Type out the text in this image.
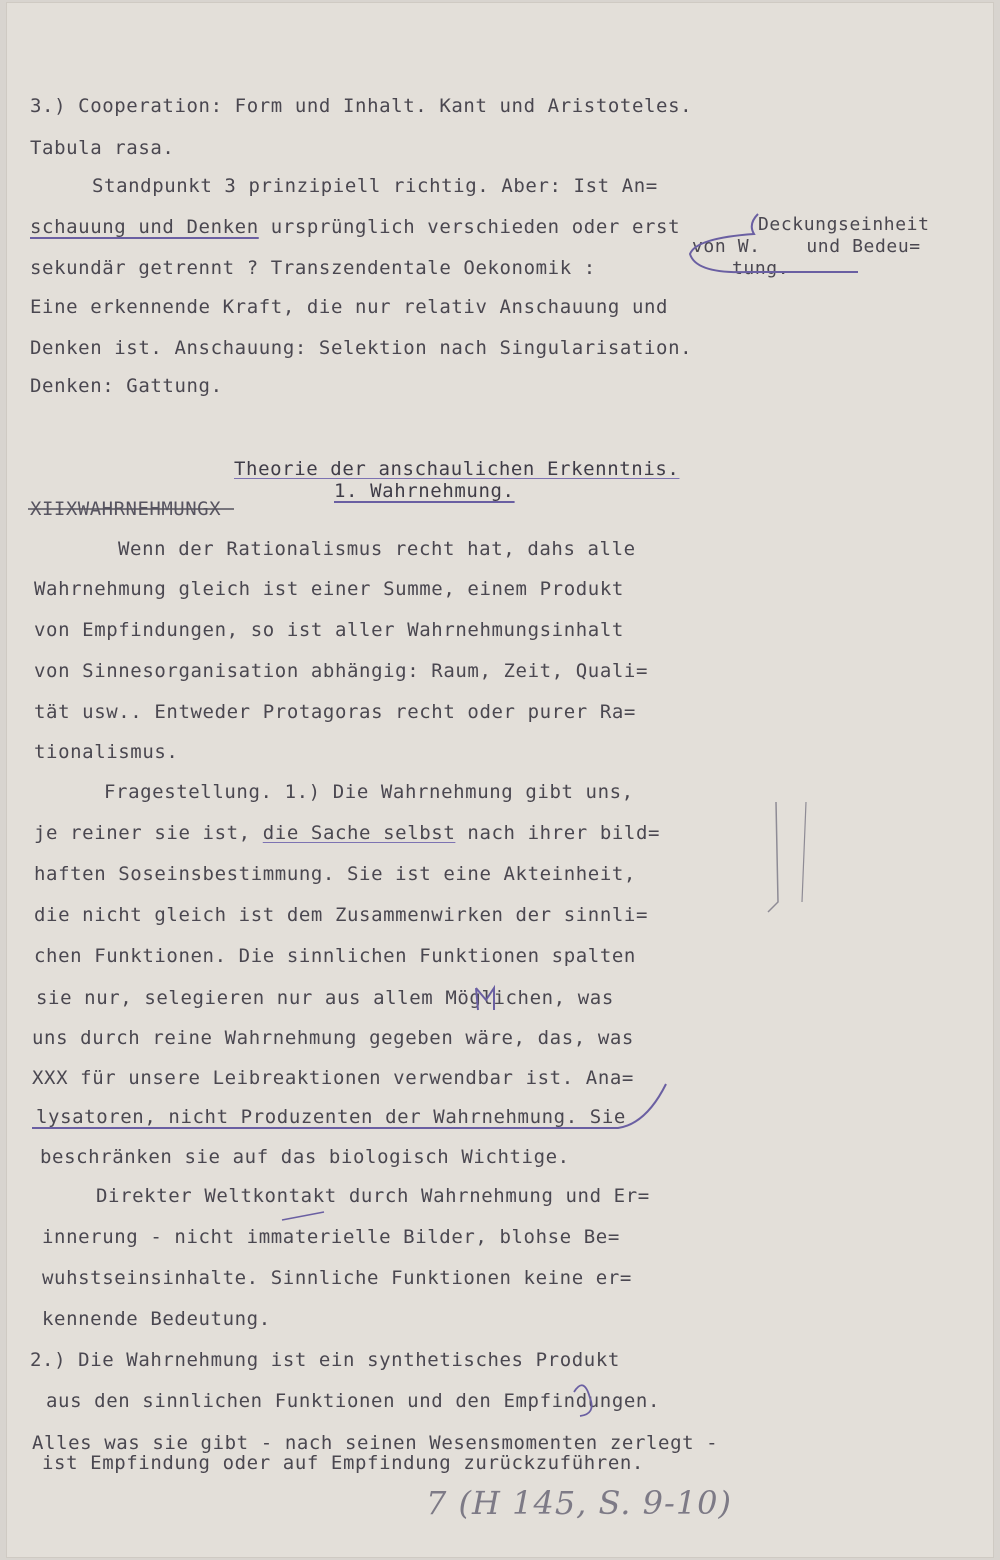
3.) Cooperation: Form und Inhalt. Kant und Aristoteles.

Tabula rasa.

Standpunkt 3 prinzipiell richtig. Aber: Ist An=

schauung und Denken ursprünglich verschieden oder erst

sekundär getrennt ? Transzendentale Oekonomik :

Eine erkennende Kraft, die nur relativ Anschauung und

Denken ist. Anschauung: Selektion nach Singularisation.

Denken: Gattung.

Deckungseinheit

von W.    und Bedeu=

tung.

Theorie der anschaulichen Erkenntnis.

1. Wahrnehmung.

XIIXWAHRNEHMUNGX

Wenn der Rationalismus recht hat, dahs alle

Wahrnehmung gleich ist einer Summe, einem Produkt

von Empfindungen, so ist aller Wahrnehmungsinhalt

von Sinnesorganisation abhängig: Raum, Zeit, Quali=

tät usw.. Entweder Protagoras recht oder purer Ra=

tionalismus.

Fragestellung. 1.) Die Wahrnehmung gibt uns,

je reiner sie ist, die Sache selbst nach ihrer bild=

haften Soseinsbestimmung. Sie ist eine Akteinheit,

die nicht gleich ist dem Zusammenwirken der sinnli=

chen Funktionen. Die sinnlichen Funktionen spalten

sie nur, selegieren nur aus allem Möglichen, was

uns durch reine Wahrnehmung gegeben wäre, das, was

XXX für unsere Leibreaktionen verwendbar ist. Ana=

lysatoren, nicht Produzenten der Wahrnehmung. Sie

beschränken sie auf das biologisch Wichtige.

Direkter Weltkontakt durch Wahrnehmung und Er=

innerung - nicht immaterielle Bilder, blohse Be=

wuhstseinsinhalte. Sinnliche Funktionen keine er=

kennende Bedeutung.

2.) Die Wahrnehmung ist ein synthetisches Produkt

aus den sinnlichen Funktionen und den Empfindungen.

Alles was sie gibt - nach seinen Wesensmomenten zerlegt -

ist Empfindung oder auf Empfindung zurückzuführen.

7 (H 145, S. 9-10)
